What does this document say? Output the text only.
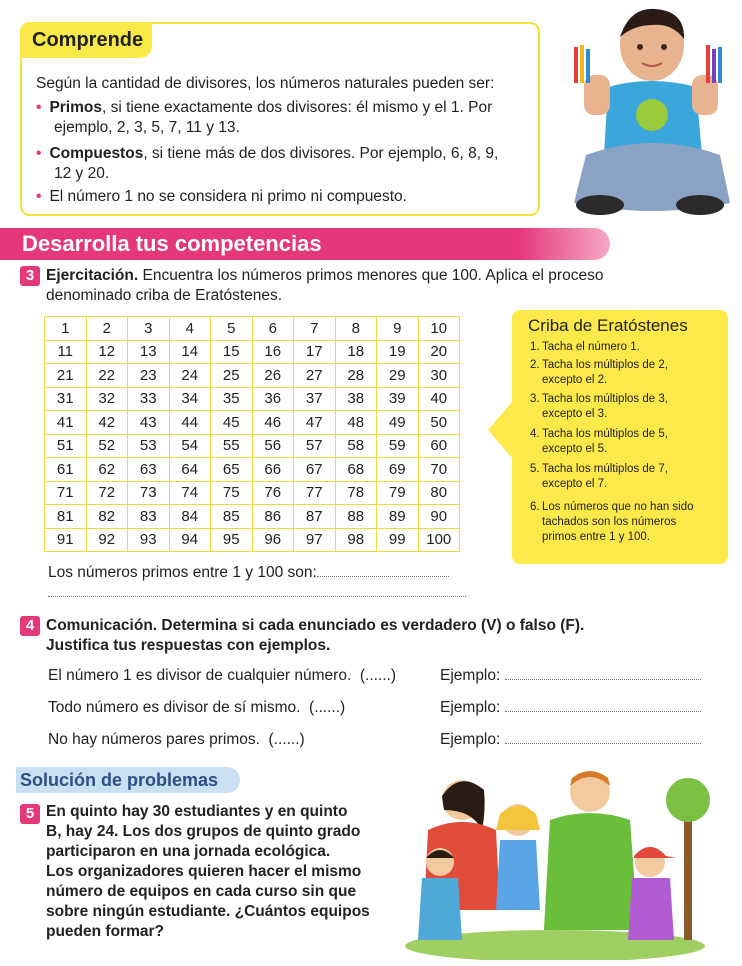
Comprende
Según la cantidad de divisores, los números naturales pueden ser:
• Primos, si tiene exactamente dos divisores: él mismo y el 1. Por
ejemplo, 2, 3, 5, 7, 11 y 13.
• Compuestos, si tiene más de dos divisores. Por ejemplo, 6, 8, 9,
12 y 20.
• El número 1 no se considera ni primo ni compuesto.
Desarrolla tus competencias
3 Ejercitación. Encuentra los números primos menores que 100. Aplica el proceso
denominado criba de Eratóstenes.
1	2	3	4	5	6	7	8	9	10
11	12	13	14	15	16	17	18	19	20
21	22	23	24	25	26	27	28	29	30
31	32	33	34	35	36	37	38	39	40
41	42	43	44	45	46	47	48	49	50
51	52	53	54	55	56	57	58	59	60
61	62	63	64	65	66	67	68	69	70
71	72	73	74	75	76	77	78	79	80
81	82	83	84	85	86	87	88	89	90
91	92	93	94	95	96	97	98	99	100
Los números primos entre 1 y 100 son:
Criba de Eratóstenes
1. Tacha el número 1.
2. Tacha los múltiplos de 2,
excepto el 2.
3. Tacha los múltiplos de 3,
excepto el 3.
4. Tacha los múltiplos de 5,
excepto el 5.
5. Tacha los múltiplos de 7,
excepto el 7.
6. Los números que no han sido
tachados son los números
primos entre 1 y 100.
4 Comunicación. Determina si cada enunciado es verdadero (V) o falso (F).
Justifica tus respuestas con ejemplos.
El número 1 es divisor de cualquier número. (......)	Ejemplo:
Todo número es divisor de sí mismo. (......)	Ejemplo:
No hay números pares primos. (......)	Ejemplo:
Solución de problemas
5 En quinto hay 30 estudiantes y en quinto
B, hay 24. Los dos grupos de quinto grado
participaron en una jornada ecológica.
Los organizadores quieren hacer el mismo
número de equipos en cada curso sin que
sobre ningún estudiante. ¿Cuántos equipos
pueden formar?
